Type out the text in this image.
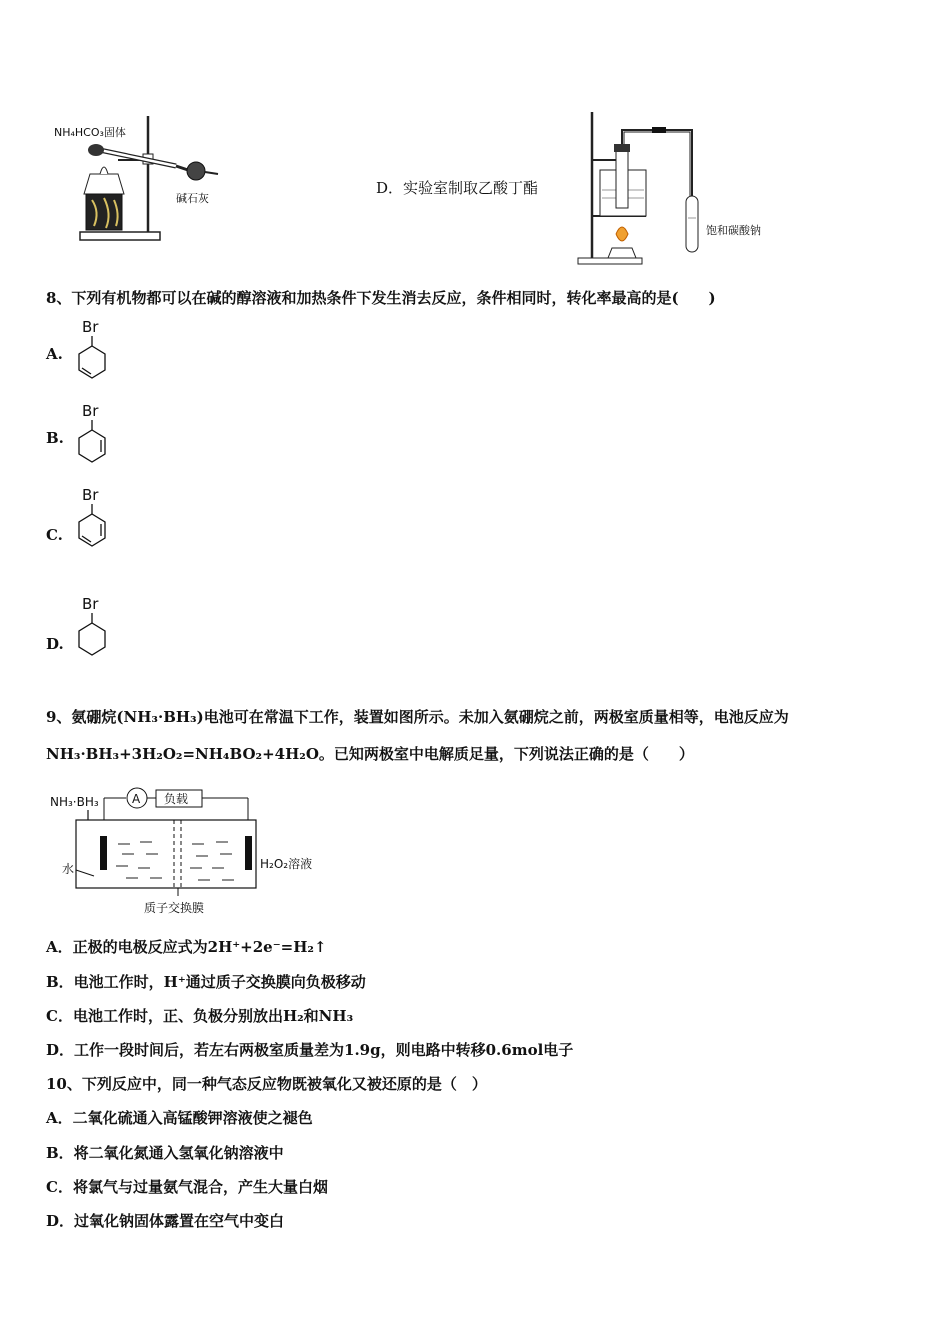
NH₄HCO₃固体
碱石灰
D．实验室制取乙酸丁酯
饱和碳酸钠
8、下列有机物都可以在碱的醇溶液和加热条件下发生消去反应，条件相同时，转化率最高的是(　　)
A.
Br
B.
Br
C.
Br
D.
Br
9、氨硼烷(NH₃·BH₃)电池可在常温下工作，装置如图所示。未加入氨硼烷之前，两极室质量相等，电池反应为
NH₃·BH₃+3H₂O₂=NH₄BO₂+4H₂O。已知两极室中电解质足量，下列说法正确的是（　　）
NH₃·BH₃	A 负载
水	H₂O₂溶液
质子交换膜
A．正极的电极反应式为2H⁺+2e⁻=H₂↑
B．电池工作时，H⁺通过质子交换膜向负极移动
C．电池工作时，正、负极分别放出H₂和NH₃
D．工作一段时间后，若左右两极室质量差为1.9g，则电路中转移0.6mol电子
10、下列反应中，同一种气态反应物既被氧化又被还原的是（　）
A．二氧化硫通入高锰酸钾溶液使之褪色
B．将二氧化氮通入氢氧化钠溶液中
C．将氯气与过量氨气混合，产生大量白烟
D．过氧化钠固体露置在空气中变白
